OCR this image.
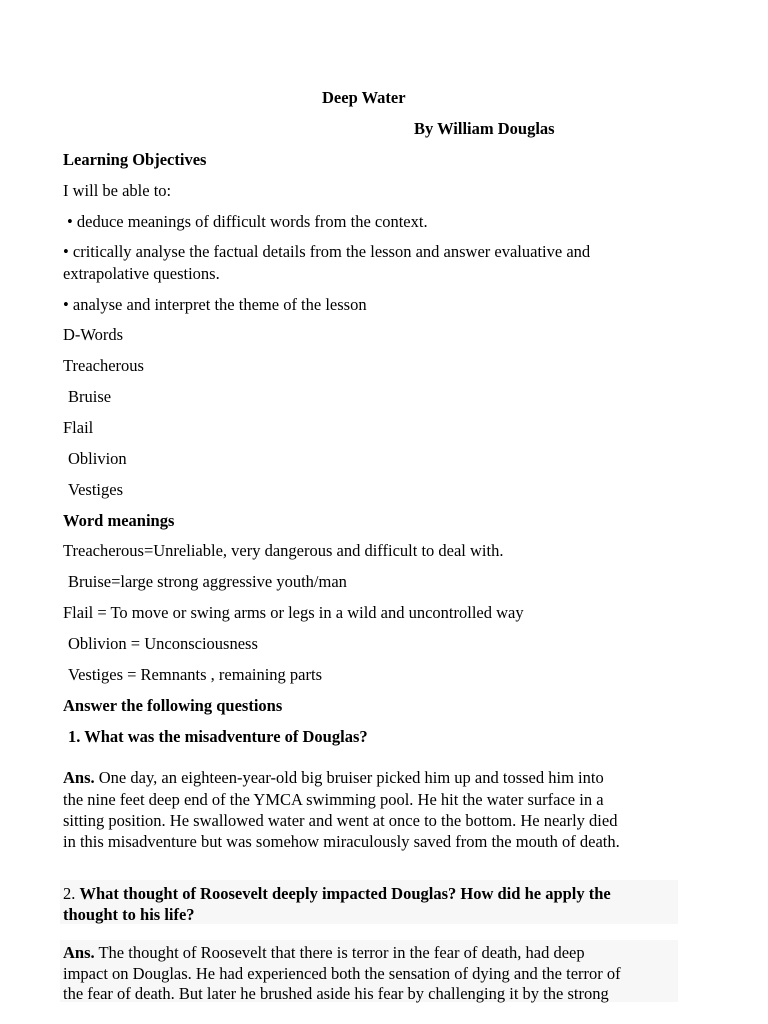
Deep Water
By William Douglas
Learning Objectives
I will be able to:
• deduce meanings of difficult words from the context.
• critically analyse the factual details from the lesson and answer evaluative and
extrapolative questions.
• analyse and interpret the theme of the lesson
D-Words
Treacherous
Bruise
Flail
Oblivion
Vestiges
Word meanings
Treacherous=Unreliable, very dangerous and difficult to deal with.
Bruise=large strong aggressive youth/man
Flail = To move or swing arms or legs in a wild and uncontrolled way
Oblivion = Unconsciousness
Vestiges = Remnants , remaining parts
Answer the following questions
1. What was the misadventure of Douglas?
Ans. One day, an eighteen-year-old big bruiser picked him up and tossed him into
the nine feet deep end of the YMCA swimming pool. He hit the water surface in a
sitting position. He swallowed water and went at once to the bottom. He nearly died
in this misadventure but was somehow miraculously saved from the mouth of death.
2. What thought of Roosevelt deeply impacted Douglas? How did he apply the
thought to his life?
Ans. The thought of Roosevelt that there is terror in the fear of death, had deep
impact on Douglas. He had experienced both the sensation of dying and the terror of
the fear of death. But later he brushed aside his fear by challenging it by the strong
